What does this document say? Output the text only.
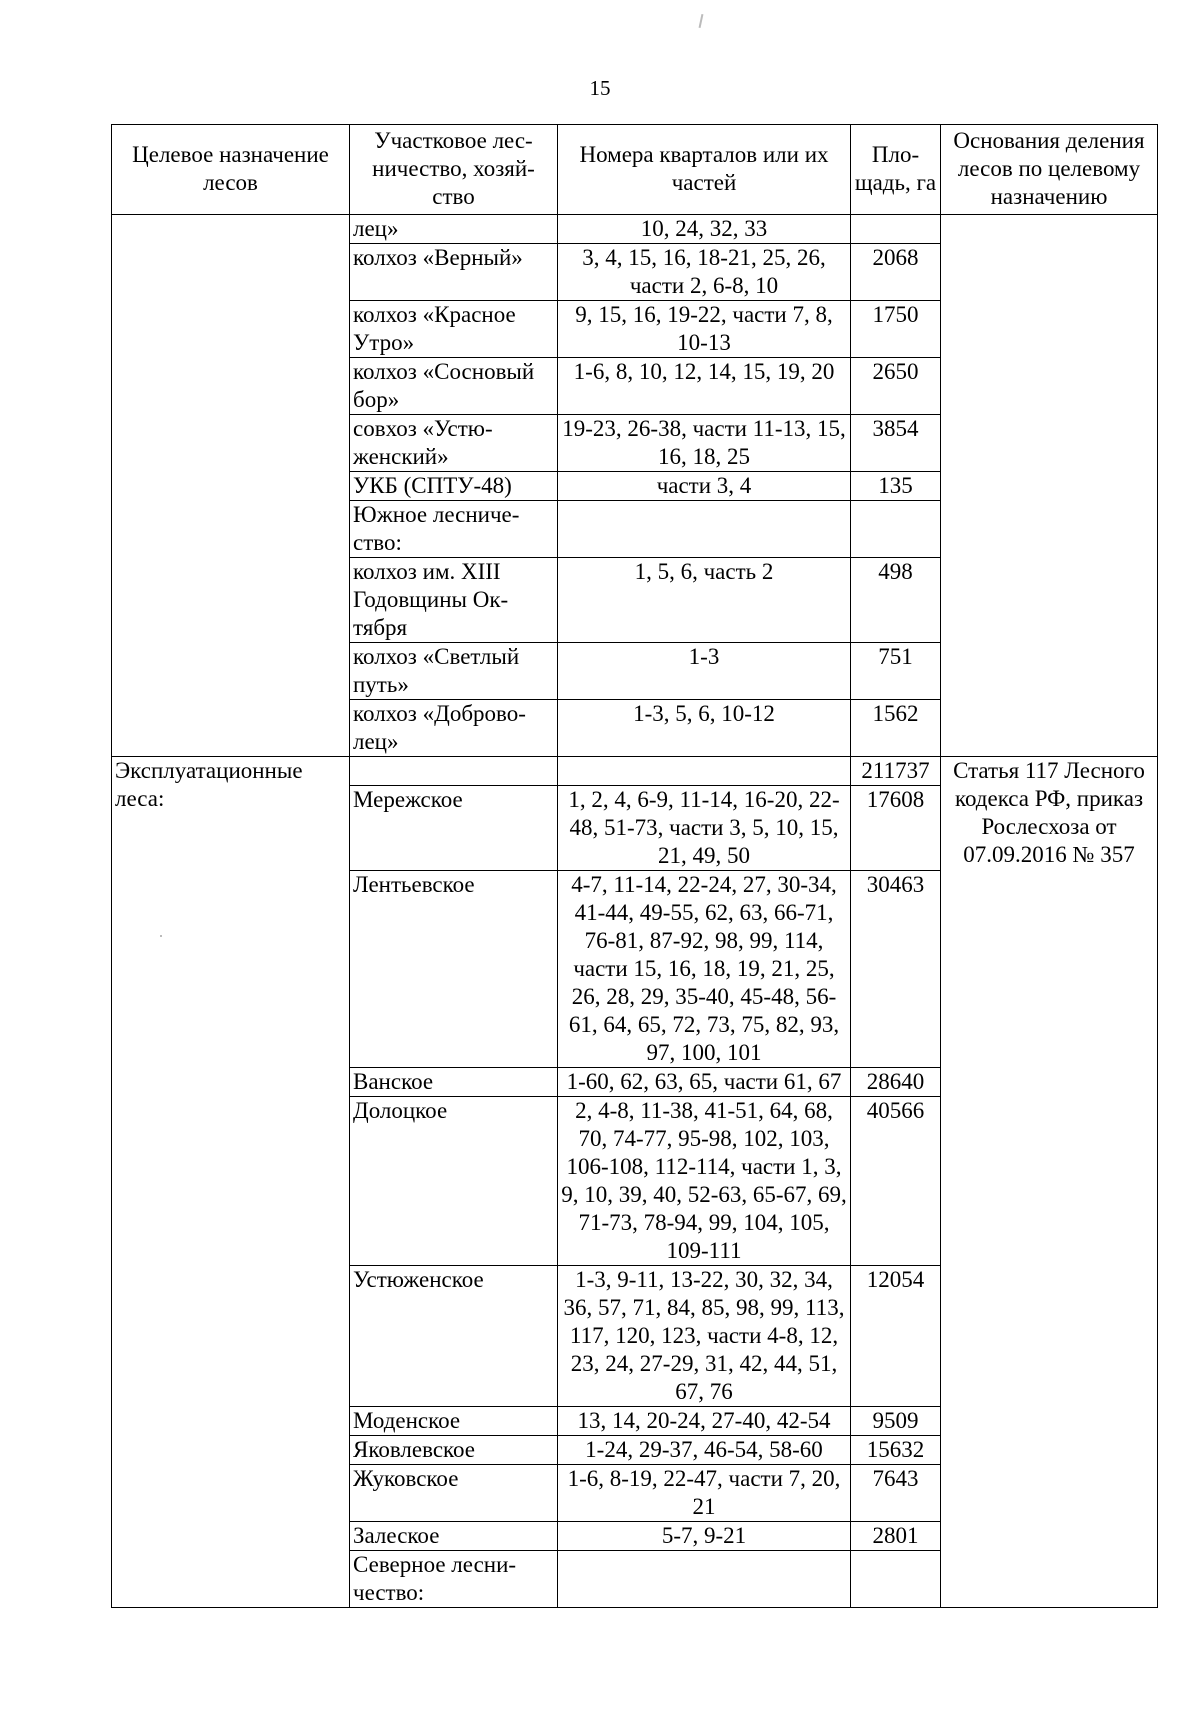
15
Целевое назначение лесов	Участковое лес-ничество, хозяй-ство	Номера кварталов или их частей	Пло-щадь, га	Основания деления лесов по целевому назначению
	лец»	10, 24, 32, 33		
	колхоз «Верный»	3, 4, 15, 16, 18-21, 25, 26, части 2, 6-8, 10	2068	
	колхоз «Красное Утро»	9, 15, 16, 19-22, части 7, 8, 10-13	1750	
	колхоз «Сосновый бор»	1-6, 8, 10, 12, 14, 15, 19, 20	2650	
	совхоз «Устю-женский»	19-23, 26-38, части 11-13, 15, 16, 18, 25	3854	
	УКБ (СПТУ-48)	части 3, 4	135	
	Южное лесниче-ство:			
	колхоз им. XIII Годовщины Ок-тября	1, 5, 6, часть 2	498	
	колхоз «Светлый путь»	1-3	751	
	колхоз «Доброво-лец»	1-3, 5, 6, 10-12	1562	
Эксплуатационные леса:			211737	Статья 117 Лесного кодекса РФ, приказ Рослесхоза от 07.09.2016 № 357
	Мережское	1, 2, 4, 6-9, 11-14, 16-20, 22-48, 51-73, части 3, 5, 10, 15, 21, 49, 50	17608	
	Лентьевское	4-7, 11-14, 22-24, 27, 30-34, 41-44, 49-55, 62, 63, 66-71, 76-81, 87-92, 98, 99, 114, части 15, 16, 18, 19, 21, 25, 26, 28, 29, 35-40, 45-48, 56-61, 64, 65, 72, 73, 75, 82, 93, 97, 100, 101	30463	
	Ванское	1-60, 62, 63, 65, части 61, 67	28640	
	Долоцкое	2, 4-8, 11-38, 41-51, 64, 68, 70, 74-77, 95-98, 102, 103, 106-108, 112-114, части 1, 3, 9, 10, 39, 40, 52-63, 65-67, 69, 71-73, 78-94, 99, 104, 105, 109-111	40566	
	Устюженское	1-3, 9-11, 13-22, 30, 32, 34, 36, 57, 71, 84, 85, 98, 99, 113, 117, 120, 123, части 4-8, 12, 23, 24, 27-29, 31, 42, 44, 51, 67, 76	12054	
	Моденское	13, 14, 20-24, 27-40, 42-54	9509	
	Яковлевское	1-24, 29-37, 46-54, 58-60	15632	
	Жуковское	1-6, 8-19, 22-47, части 7, 20, 21	7643	
	Залеское	5-7, 9-21	2801	
	Северное лесни-чество:			
